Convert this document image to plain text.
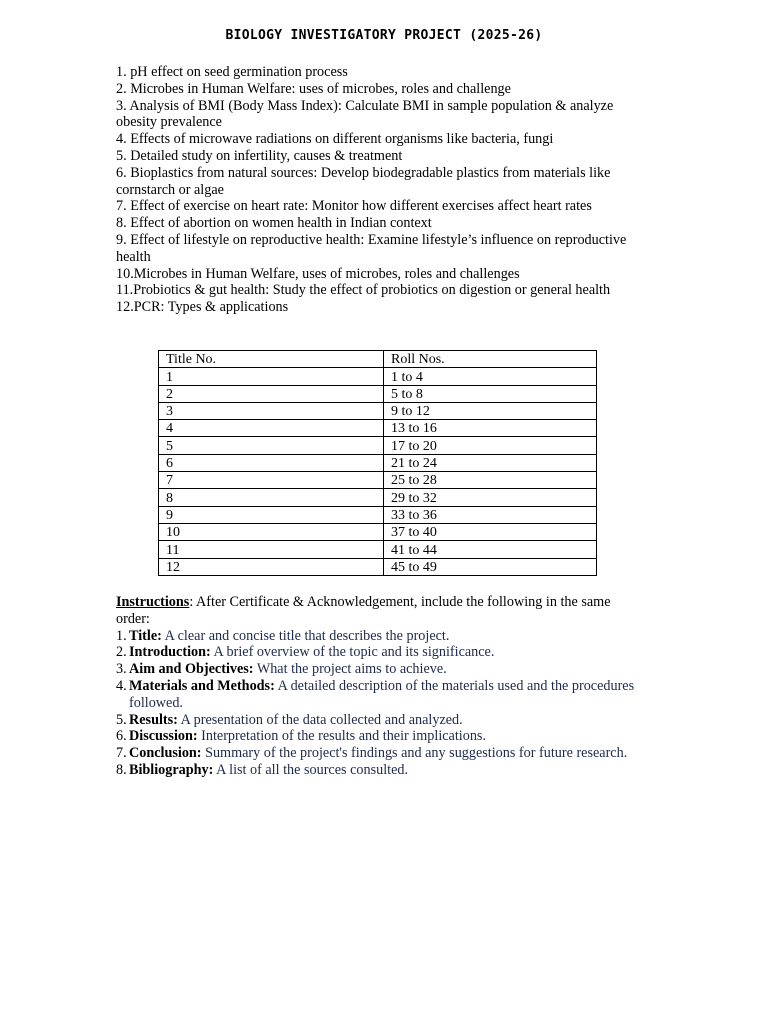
BIOLOGY INVESTIGATORY PROJECT (2025-26)
1. pH effect on seed germination process
2. Microbes in Human Welfare: uses of microbes, roles and challenge
3. Analysis of BMI (Body Mass Index): Calculate BMI in sample population & analyze obesity prevalence
4. Effects of microwave radiations on different organisms like bacteria, fungi
5. Detailed study on infertility, causes & treatment
6. Bioplastics from natural sources: Develop biodegradable plastics from materials like cornstarch or algae
7. Effect of exercise on heart rate: Monitor how different exercises affect heart rates
8. Effect of abortion on women health in Indian context
9. Effect of lifestyle on reproductive health: Examine lifestyle’s influence on reproductive health
10.Microbes in Human Welfare, uses of microbes, roles and challenges
11.Probiotics & gut health: Study the effect of probiotics on digestion or general health
12.PCR: Types & applications
Title No.	Roll Nos.
1	1 to 4
2	5 to 8
3	9 to 12
4	13 to 16
5	17 to 20
6	21 to 24
7	25 to 28
8	29 to 32
9	33 to 36
10	37 to 40
11	41 to 44
12	45 to 49

Instructions: After Certificate & Acknowledgement, include the following in the same order:

1. Title: A clear and concise title that describes the project.
2. Introduction: A brief overview of the topic and its significance.
3. Aim and Objectives: What the project aims to achieve.
4. Materials and Methods: A detailed description of the materials used and the procedures followed.
5. Results: A presentation of the data collected and analyzed.
6. Discussion: Interpretation of the results and their implications.
7. Conclusion: Summary of the project's findings and any suggestions for future research.
8. Bibliography: A list of all the sources consulted.
